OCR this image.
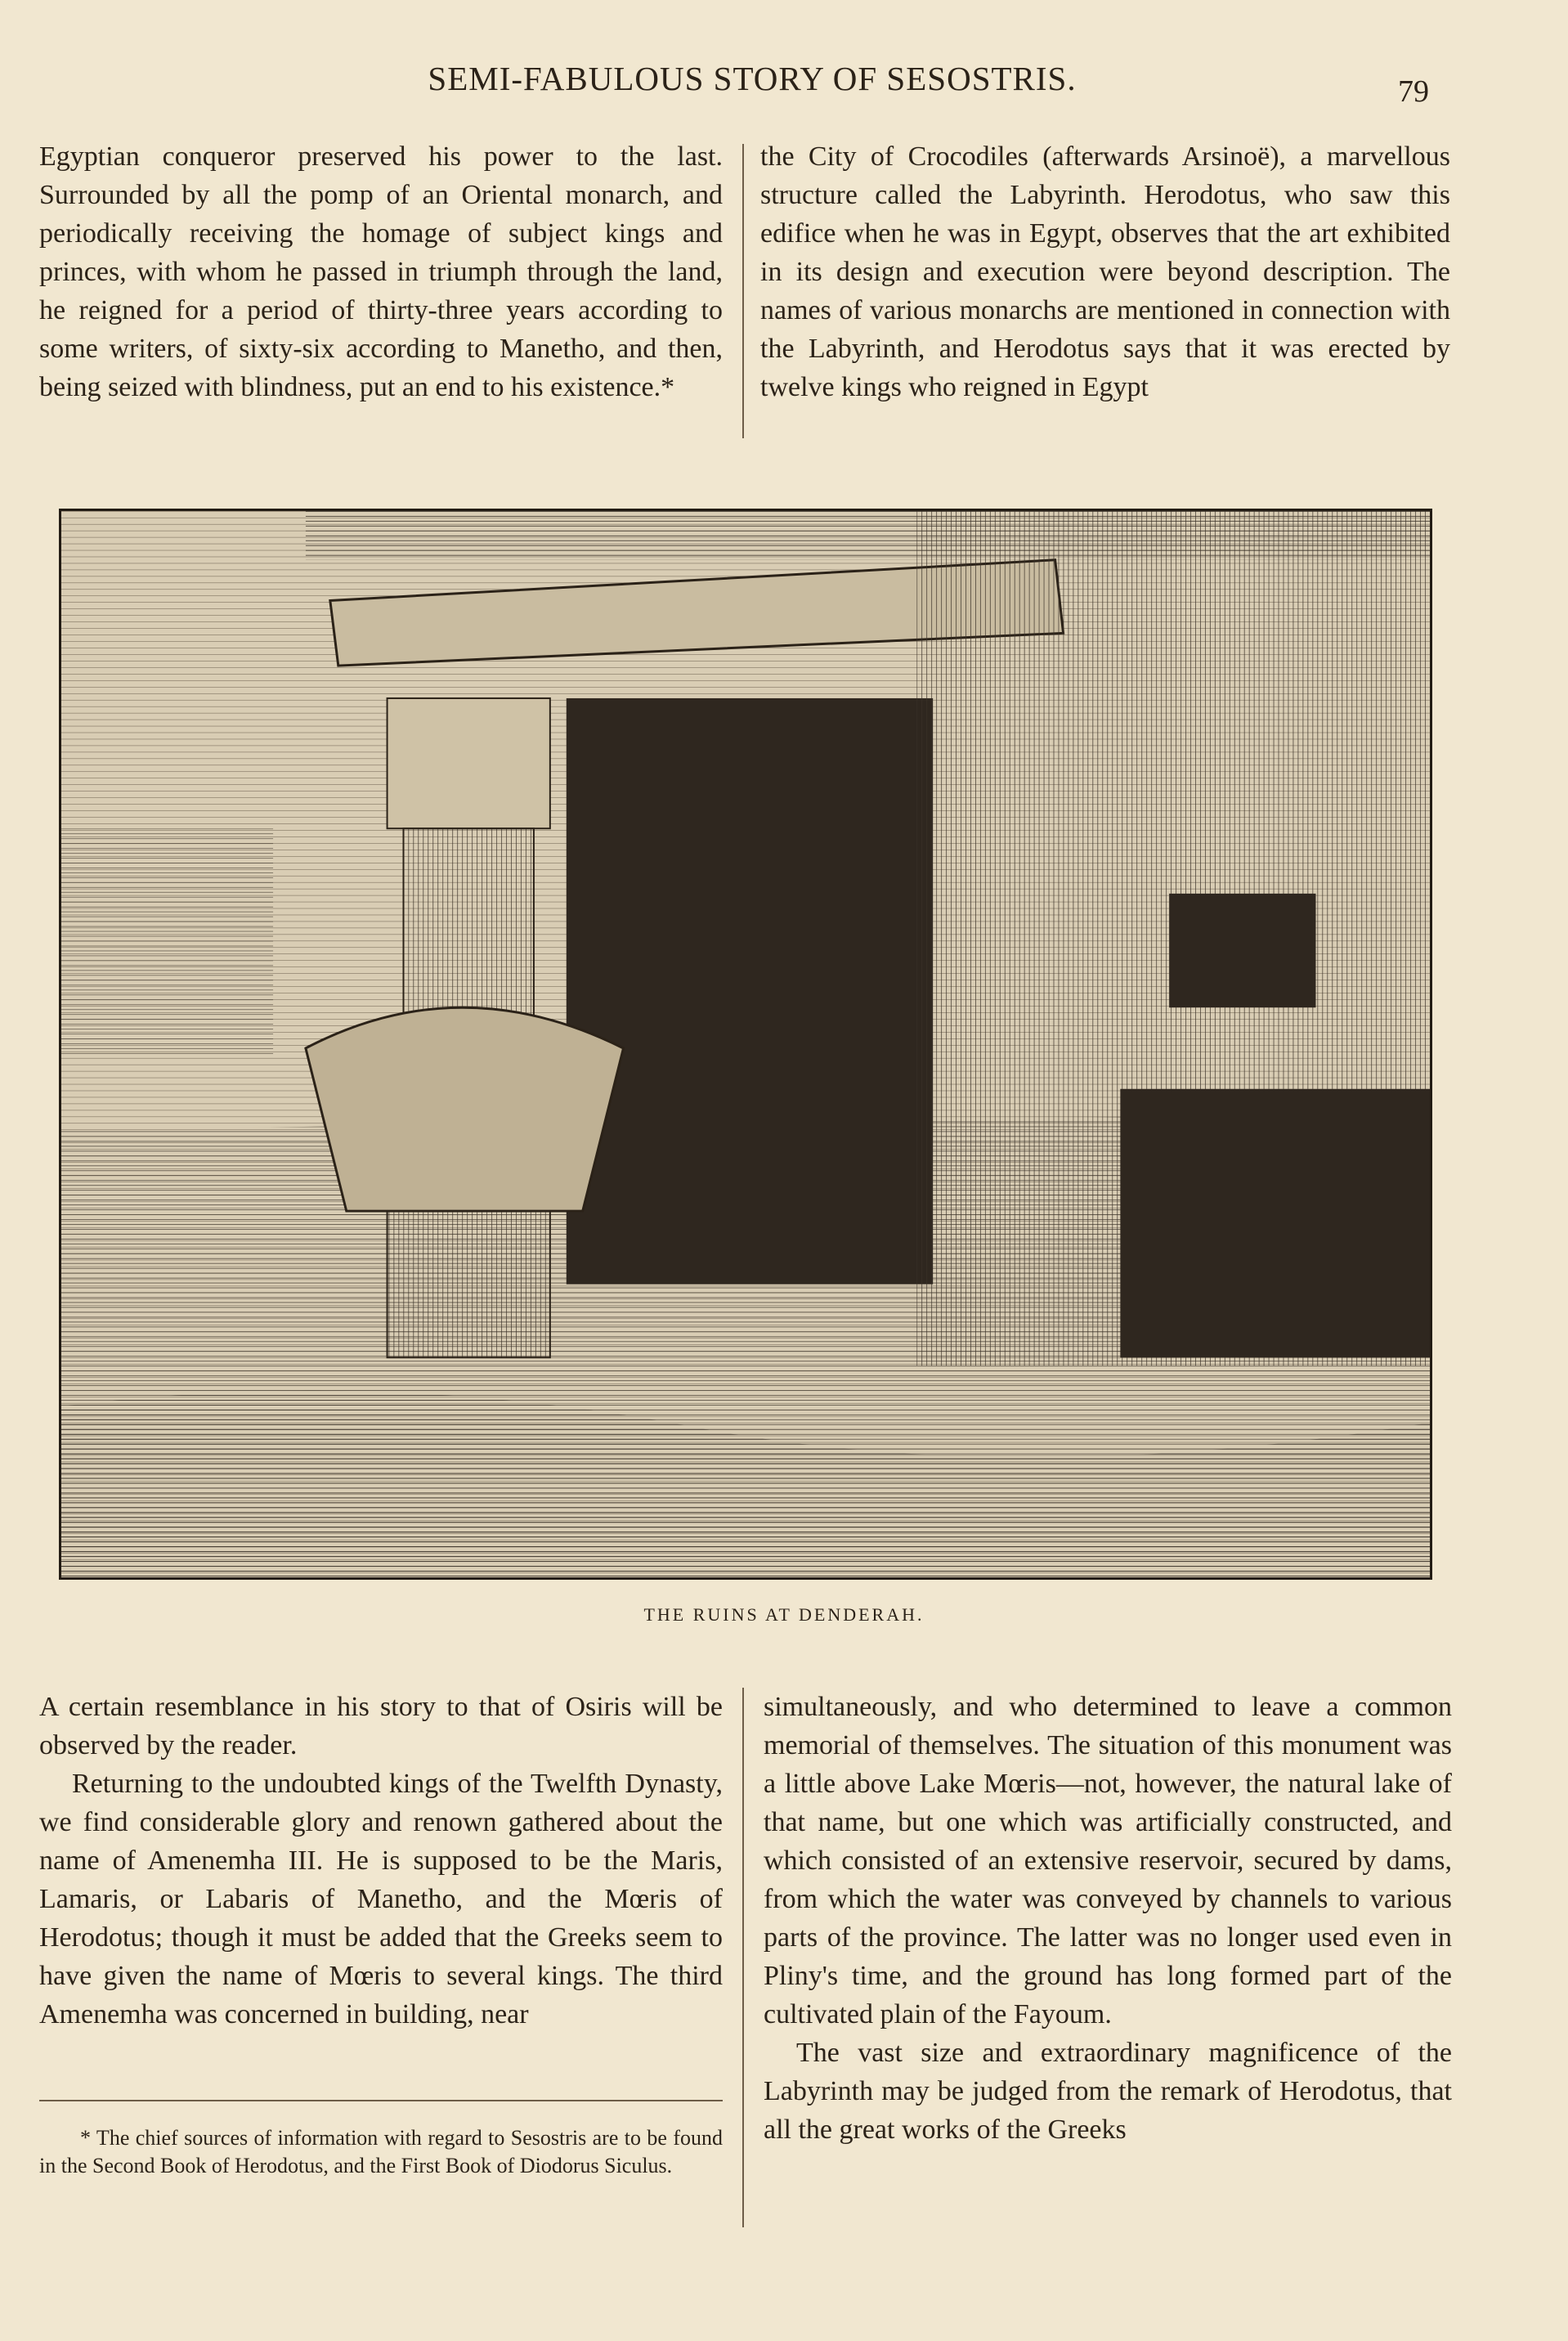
SEMI-FABULOUS STORY OF SESOSTRIS.	79

Egyptian conqueror preserved his power to the last. Surrounded by all the pomp of an Oriental monarch, and periodically receiving the homage of subject kings and princes, with whom he passed in triumph through the land, he reigned for a period of thirty-three years according to some writers, of sixty-six according to Manetho, and then, being seized with blindness, put an end to his existence.*

the City of Crocodiles (afterwards Arsinoë), a marvellous structure called the Labyrinth. Herodotus, who saw this edifice when he was in Egypt, observes that the art exhibited in its design and execution were beyond description. The names of various monarchs are mentioned in connection with the Labyrinth, and Herodotus says that it was erected by twelve kings who reigned in Egypt

THE RUINS AT DENDERAH.

A certain resemblance in his story to that of Osiris will be observed by the reader.

Returning to the undoubted kings of the Twelfth Dynasty, we find considerable glory and renown gathered about the name of Amenemha III. He is supposed to be the Maris, Lamaris, or Labaris of Manetho, and the Mœris of Herodotus; though it must be added that the Greeks seem to have given the name of Mœris to several kings. The third Amenemha was concerned in building, near

simultaneously, and who determined to leave a common memorial of themselves. The situation of this monument was a little above Lake Mœris—not, however, the natural lake of that name, but one which was artificially constructed, and which consisted of an extensive reservoir, secured by dams, from which the water was conveyed by channels to various parts of the province. The latter was no longer used even in Pliny's time, and the ground has long formed part of the cultivated plain of the Fayoum.

The vast size and extraordinary magnificence of the Labyrinth may be judged from the remark of Herodotus, that all the great works of the Greeks

* The chief sources of information with regard to Sesostris are to be found in the Second Book of Herodotus, and the First Book of Diodorus Siculus.
